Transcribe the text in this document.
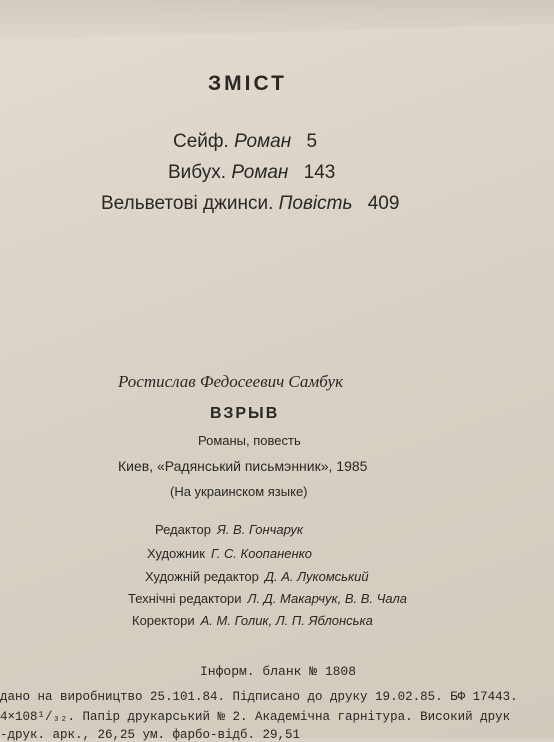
ЗМІСТ
Сейф. Роман 5
Вибух. Роман 143
Вельветові джинси. Повість 409
Ростислав Федосеевич Самбук
ВЗРЫВ
Романы, повесть
Киев, «Радянський письмэнник», 1985
(На украинском языке)
Редактор Я. В. Гончарук
Художник Г. С. Коопаненко
Художній редактор Д. А. Лукомський
Технічні редактори Л. Д. Макарчук, В. В. Чала
Коректори А. М. Голик, Л. П. Яблонська
Інформ. бланк № 1808
дано на виробництво 25.101.84. Підписано до друку 19.02.85. БФ 17443.
4×108¹/₃₂. Папір друкарський № 2. Академічна гарнітура. Високий друк
-друк. арк., 26,25 ум. фарбо-відб. 29,51
